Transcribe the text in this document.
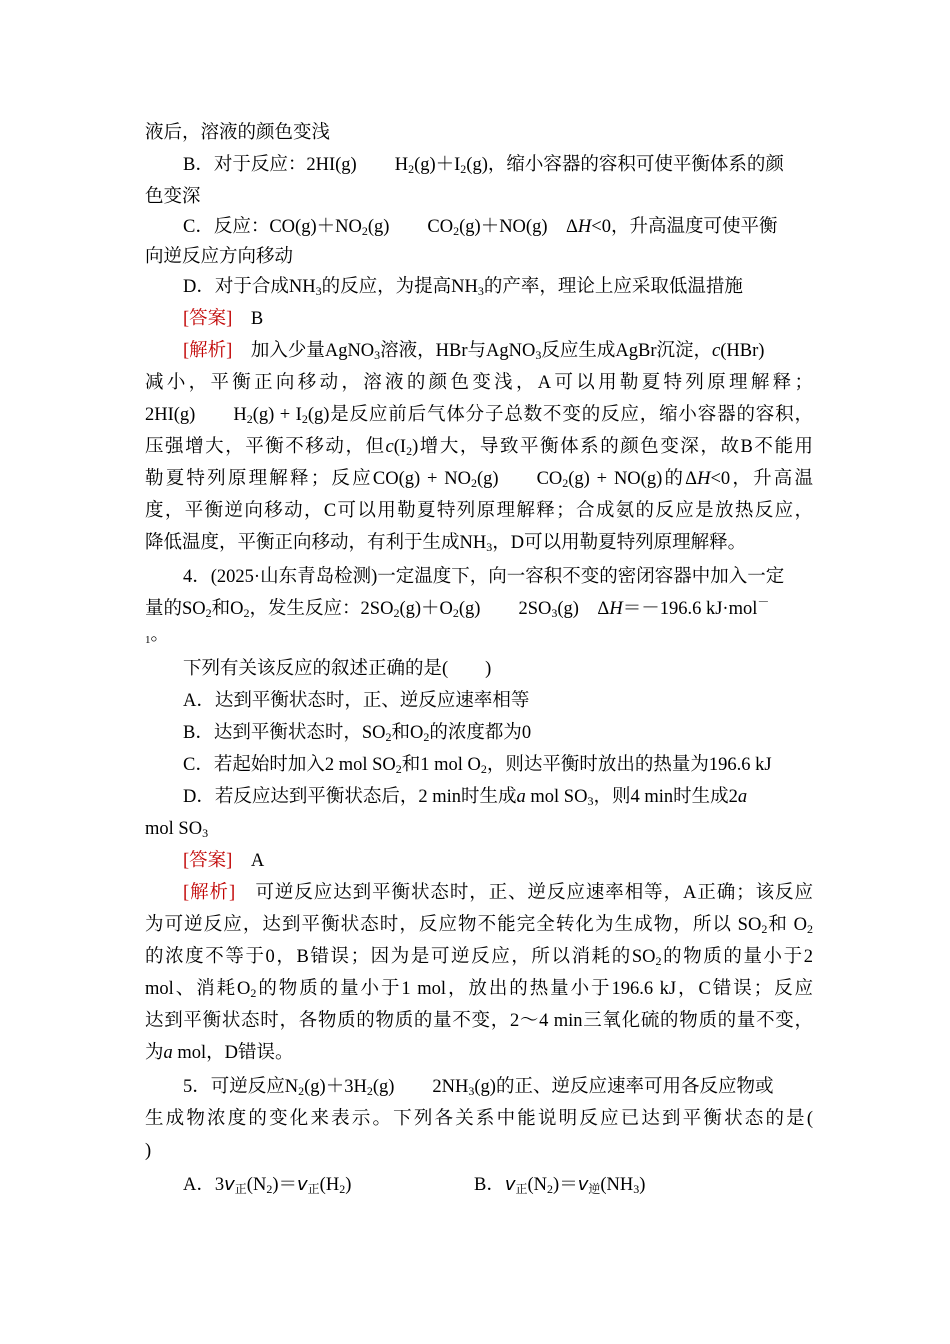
液后，溶液的颜色变浅
B．对于反应：2HI(g) $H_2(g)+I_2(g)$，缩小容器的容积可使平衡体系的颜
色变深
C．反应：$CO(g)+NO_2(g)$ $CO_2(g)+NO(g)$　ΔH<0，升高温度可使平衡
向逆反应方向移动
D．对于合成$NH_3$的反应，为提高$NH_3$的产率，理论上应采取低温措施
[答案]　B
[解析]　加入少量AgNO$_3$溶液，HBr与AgNO$_3$反应生成AgBr沉淀，c(HBr)
减小，平衡正向移动，溶液的颜色变浅，A可以用勒夏特列原理解释；
2HI(g) $H_2(g) + I_2(g)$是反应前后气体分子总数不变的反应，缩小容器的容积，
压强增大，平衡不移动，但$c(I_2)$增大，导致平衡体系的颜色变深，故B不能用
勒夏特列原理解释；反应$CO(g) + NO_2(g) CO_2(g) + NO(g)$的ΔH<0，升高温
度，平衡逆向移动，C可以用勒夏特列原理解释；合成氨的反应是放热反应，
降低温度，平衡正向移动，有利于生成$NH_3$，D可以用勒夏特列原理解释。
4．(2025·山东青岛检测)一定温度下，向一容积不变的密闭容器中加入一定
量的$SO_2$和$O_2$，发生反应：$2SO_2(g)+O_2(g)$ $2SO_3(g)$　ΔH＝－196.6 kJ·mol－
1。
下列有关该反应的叙述正确的是(　　)
A．达到平衡状态时，正、逆反应速率相等
B．达到平衡状态时，$SO_2$和$O_2$的浓度都为0
C．若起始时加入2 mol $SO_2$和1 mol $O_2$，则达平衡时放出的热量为196.6 kJ
D．若反应达到平衡状态后，2 min时生成a mol $SO_3$，则4 min时生成2a
mol $SO_3$
[答案]　A
[解析]　可逆反应达到平衡状态时，正、逆反应速率相等，A正确；该反应
为可逆反应，达到平衡状态时，反应物不能完全转化为生成物，所以 $SO_2$和 $O_2$
的浓度不等于0，B错误；因为是可逆反应，所以消耗的$SO_2$的物质的量小于2
mol、消耗$O_2$的物质的量小于1 mol，放出的热量小于196.6 kJ，C错误；反应
达到平衡状态时，各物质的物质的量不变，2～4 min三氧化硫的物质的量不变，
为a mol，D错误。
5．可逆反应$N_2(g)+3H_2(g)$ $2NH_3(g)$的正、逆反应速率可用各反应物或
生成物浓度的变化来表示。下列各关系中能说明反应已达到平衡状态的是(
)
A．$3v_正(N_2)=v_正(H_2)$	B．$v_正(N_2)=v_逆(NH_3)$
